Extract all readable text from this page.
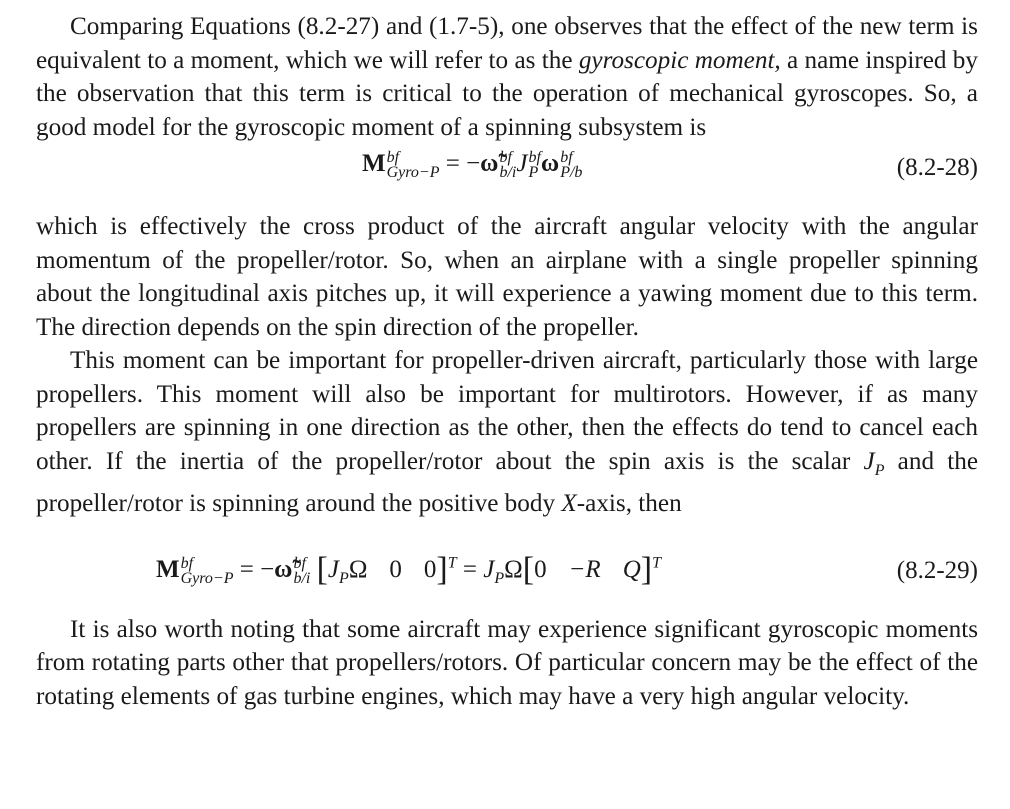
Comparing Equations (8.2-27) and (1.7-5), one observes that the effect of the new term is equivalent to a moment, which we will refer to as the gyroscopic moment, a name inspired by the observation that this term is critical to the operation of mechanical gyroscopes. So, a good model for the gyroscopic moment of a spinning subsystem is

M bf
Gyro−P = −ω̃ bf
b/i J bf
P ω bf
P/b	(8.2-28)

which is effectively the cross product of the aircraft angular velocity with the angular momentum of the propeller/rotor. So, when an airplane with a single propeller spinning about the longitudinal axis pitches up, it will experience a yawing moment due to this term. The direction depends on the spin direction of the propeller.

This moment can be important for propeller-driven aircraft, particularly those with large propellers. This moment will also be important for multirotors. However, if as many propellers are spinning in one direction as the other, then the effects do tend to cancel each other. If the inertia of the propeller/rotor about the spin axis is the scalar $J_P$ and the propeller/rotor is spinning around the positive body X-axis, then

M bf
Gyro−P = −ω̃ bf
b/i [$J_P\Omega$ 0 $0]^T = J_P\Omega[0 -R$ Q]$^T$	(8.2-29)

It is also worth noting that some aircraft may experience significant gyroscopic moments from rotating parts other that propellers/rotors. Of particular concern may be the effect of the rotating elements of gas turbine engines, which may have a very high angular velocity.
